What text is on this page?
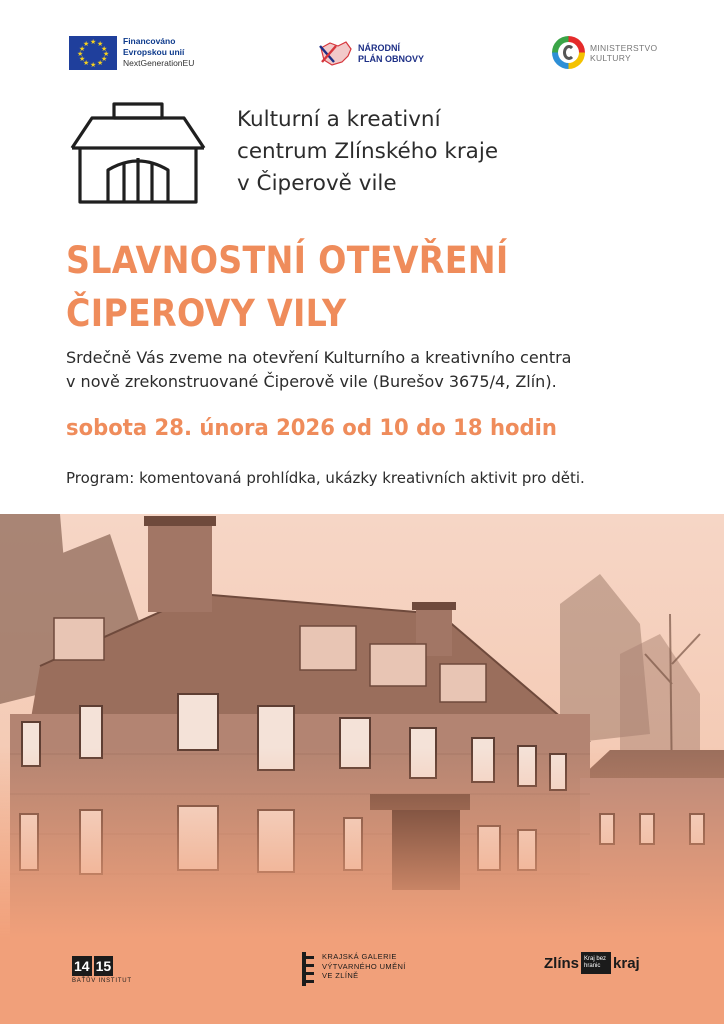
★ ★
★
★
★
★
★
★
★
★
★
★	Financováno
Evropskou unií
NextGenerationEU
NÁRODNÍ
PLÁN OBNOVY
MINISTERSTVO
KULTURY
Kulturní a kreativní
centrum Zlínského kraje
v Čiperově vile
SLAVNOSTNÍ OTEVŘENÍ
ČIPEROVY VILY

Srdečně Vás zveme na otevření Kulturního a kreativního centra
v nově zrekonstruované Čiperově vile (Burešov 3675/4, Zlín).

sobota 28. února 2026 od 10 do 18 hodin
Program: komentovaná prohlídka, ukázky kreativních aktivit pro děti.
14 15
BAŤŮV INSTITUT
KRAJSKÁ GALERIE
VÝTVARNÉHO UMĚNÍ
VE ZLÍNĚ
Zlíns Kraj bez hranic kraj
